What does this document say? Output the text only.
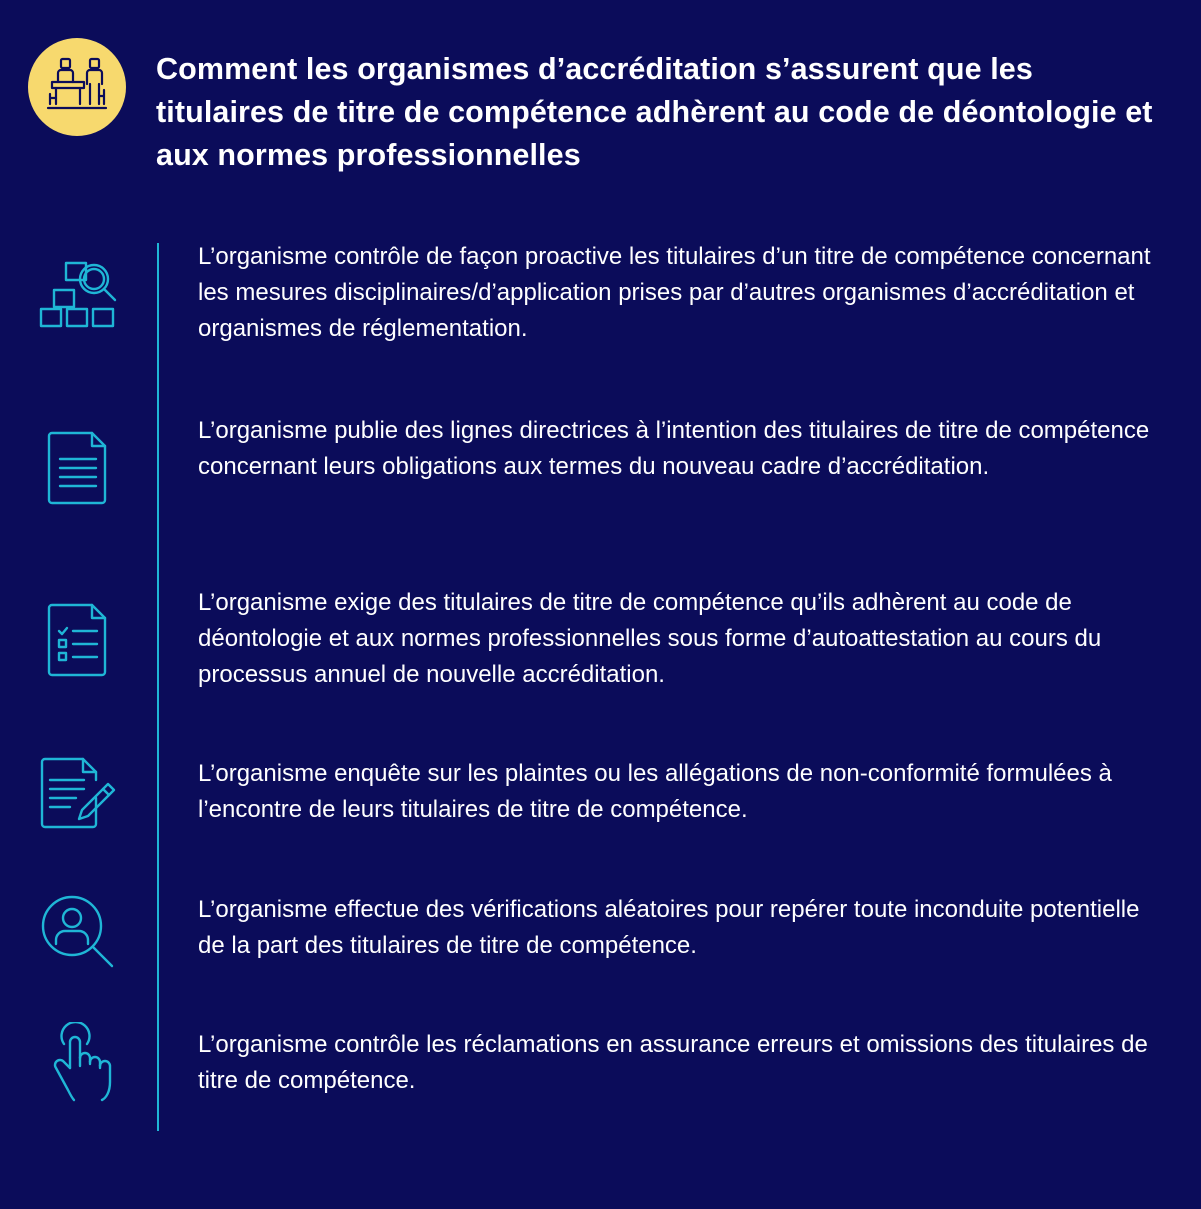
Comment les organismes d’accréditation s’assurent que les titulaires de titre de compétence adhèrent au code de déontologie et aux normes professionnelles

L’organisme contrôle de façon proactive les titulaires d’un titre de compétence concernant les mesures disciplinaires/d’application prises par d’autres organismes d’accréditation et organismes de réglementation.

L’organisme publie des lignes directrices à l’intention des titulaires de titre de compétence concernant leurs obligations aux termes du nouveau cadre d’accréditation.

L’organisme exige des titulaires de titre de compétence qu’ils adhèrent au code de déontologie et aux normes professionnelles sous forme d’autoattestation au cours du processus annuel de nouvelle accréditation.

L’organisme enquête sur les plaintes ou les allégations de non-conformité formulées à l’encontre de leurs titulaires de titre de compétence.

L’organisme effectue des vérifications aléatoires pour repérer toute inconduite potentielle de la part des titulaires de titre de compétence.

L’organisme contrôle les réclamations en assurance erreurs et omissions des titulaires de titre de compétence.
